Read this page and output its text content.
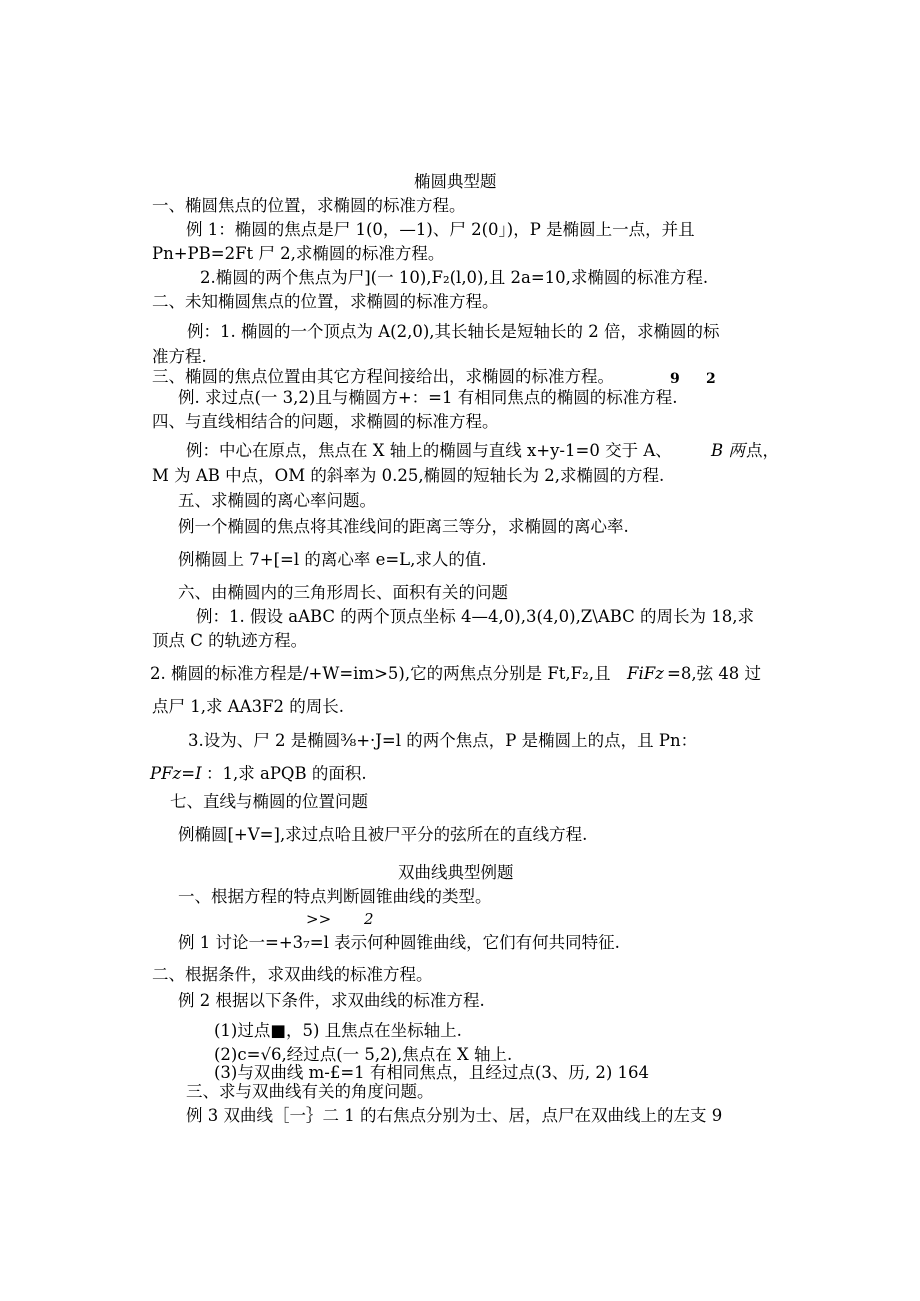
椭圆典型题
一、椭圆焦点的位置，求椭圆的标准方程。
例 1：椭圆的焦点是尸 1(0，—1)、尸 2(0」)，P 是椭圆上一点，并且
Pn+PB=2Ft 尸 2,求椭圆的标准方程。
2.椭圆的两个焦点为尸](一 10),F₂(l,0),且 2a=10,求椭圆的标准方程.
二、未知椭圆焦点的位置，求椭圆的标准方程。
例：1. 椭圆的一个顶点为 A(2,0),其长轴长是短轴长的 2 倍，求椭圆的标
准方程.
三、椭圆的焦点位置由其它方程间接给出，求椭圆的标准方程。	9 2
例. 求过点(一 3,2)且与椭圆方+：=1 有相同焦点的椭圆的标准方程.
四、与直线相结合的问题，求椭圆的标准方程。
例：中心在原点，焦点在 X 轴上的椭圆与直线 x+y-1=0 交于 A、 B 两 点，
M 为 AB 中点，OM 的斜率为 0.25,椭圆的短轴长为 2,求椭圆的方程.
五、求椭圆的离心率问题。
例一个椭圆的焦点将其准线间的距离三等分，求椭圆的离心率.
例椭圆上 7+[=l 的离心率 e=L,求人的值.
六、由椭圆内的三角形周长、面积有关的问题
例：1. 假设 aABC 的两个顶点坐标 4—4,0),3(4,0),Z\ABC 的周长为 18,求
顶点 C 的轨迹方程。
2. 椭圆的标准方程是/+W=im>5),它的两焦点分别是 Ft,F₂,且 FiFz =8,弦 48 过
点尸 1,求 AA3F2 的周长.
3.设为、尸 2 是椭圆⅜+·J=l 的两个焦点，P 是椭圆上的点，且 Pn：
PFz=I ：1,求 aPQB 的面积.
七、直线与椭圆的位置问题
例椭圆[+V=],求过点哈且被尸平分的弦所在的直线方程.
双曲线典型例题
一、根据方程的特点判断圆锥曲线的类型。
>> 2
例 1 讨论一=+3₇=l 表示何种圆锥曲线，它们有何共同特征.
二、根据条件，求双曲线的标准方程。
例 2 根据以下条件，求双曲线的标准方程.
(1)过点■，5) 且焦点在坐标轴上.
(2)c=√6,经过点(一 5,2),焦点在 X 轴上.
(3)与双曲线 m-£=1 有相同焦点，且经过点(3、历, 2) 164
三、求与双曲线有关的角度问题。
例 3 双曲线［一｝二 1 的右焦点分别为士、居，点尸在双曲线上的左支 9
